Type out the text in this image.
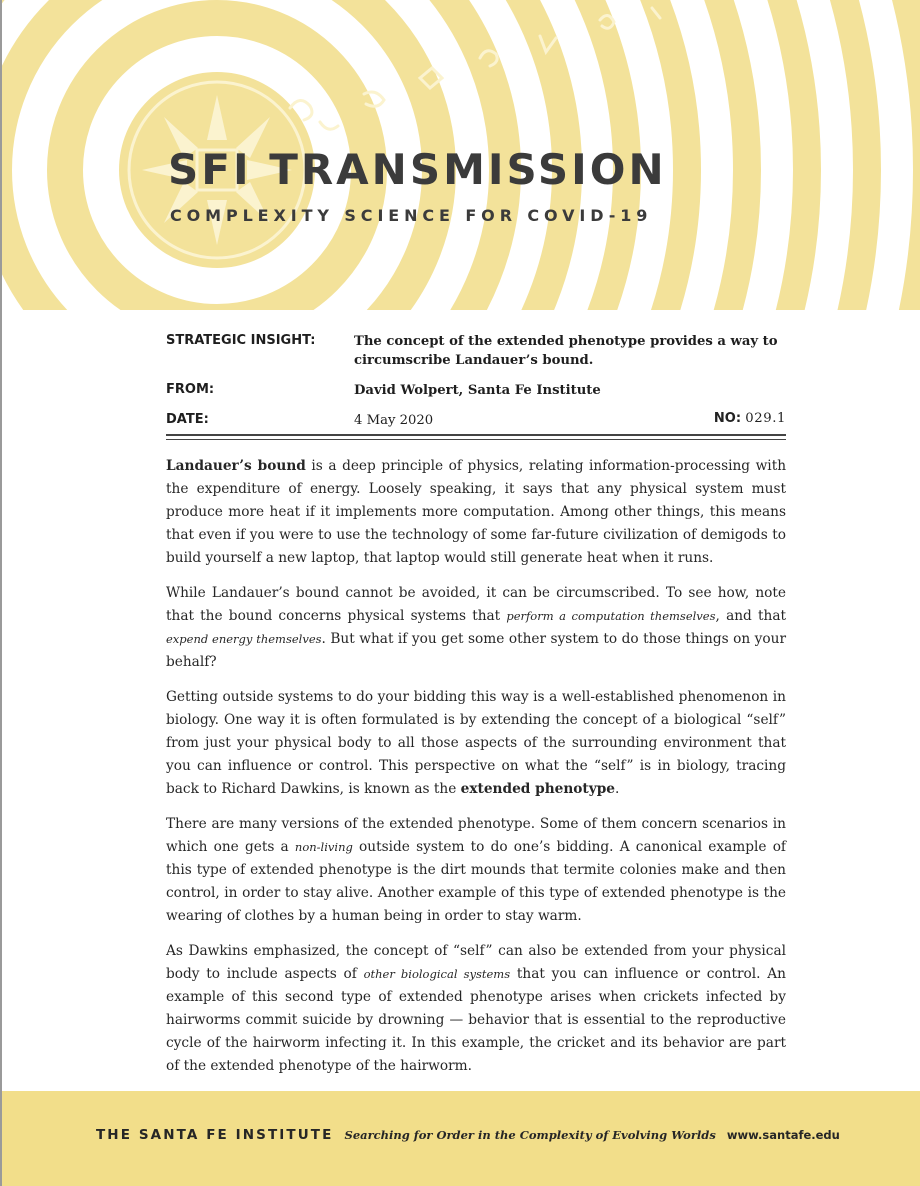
SFI TRANSMISSION
COMPLEXITY SCIENCE FOR COVID-19
STRATEGIC INSIGHT:	The concept of the extended phenotype provides a way to circumscribe Landauer’s bound.
FROM:	David Wolpert, Santa Fe Institute
DATE:	4 May 2020	NO: 029.1

Landauer’s bound is a deep principle of physics, relating information-processing with the expenditure of energy. Loosely speaking, it says that any physical system must produce more heat if it implements more computation. Among other things, this means that even if you were to use the technology of some far-future civilization of demigods to build yourself a new laptop, that laptop would still generate heat when it runs.

While Landauer’s bound cannot be avoided, it can be circumscribed. To see how, note that the bound concerns physical systems that perform a computation themselves, and that expend energy themselves. But what if you get some other system to do those things on your behalf?

Getting outside systems to do your bidding this way is a well-established phenomenon in biology. One way it is often formulated is by extending the concept of a biological “self” from just your physical body to all those aspects of the surrounding environment that you can influence or control. This perspective on what the “self” is in biology, tracing back to Richard Dawkins, is known as the extended phenotype.

There are many versions of the extended phenotype. Some of them concern scenarios in which one gets a non-living outside system to do one’s bidding. A canonical example of this type of extended phenotype is the dirt mounds that termite colonies make and then control, in order to stay alive. Another example of this type of extended phenotype is the wearing of clothes by a human being in order to stay warm.

As Dawkins emphasized, the concept of “self” can also be extended from your physical body to include aspects of other biological systems that you can influence or control. An example of this second type of extended phenotype arises when crickets infected by hairworms commit suicide by drowning — behavior that is essential to the reproductive cycle of the hairworm infecting it. In this example, the cricket and its behavior are part of the extended phenotype of the hairworm.

THE SANTA FE INSTITUTE Searching for Order in the Complexity of Evolving Worlds www.santafe.edu
